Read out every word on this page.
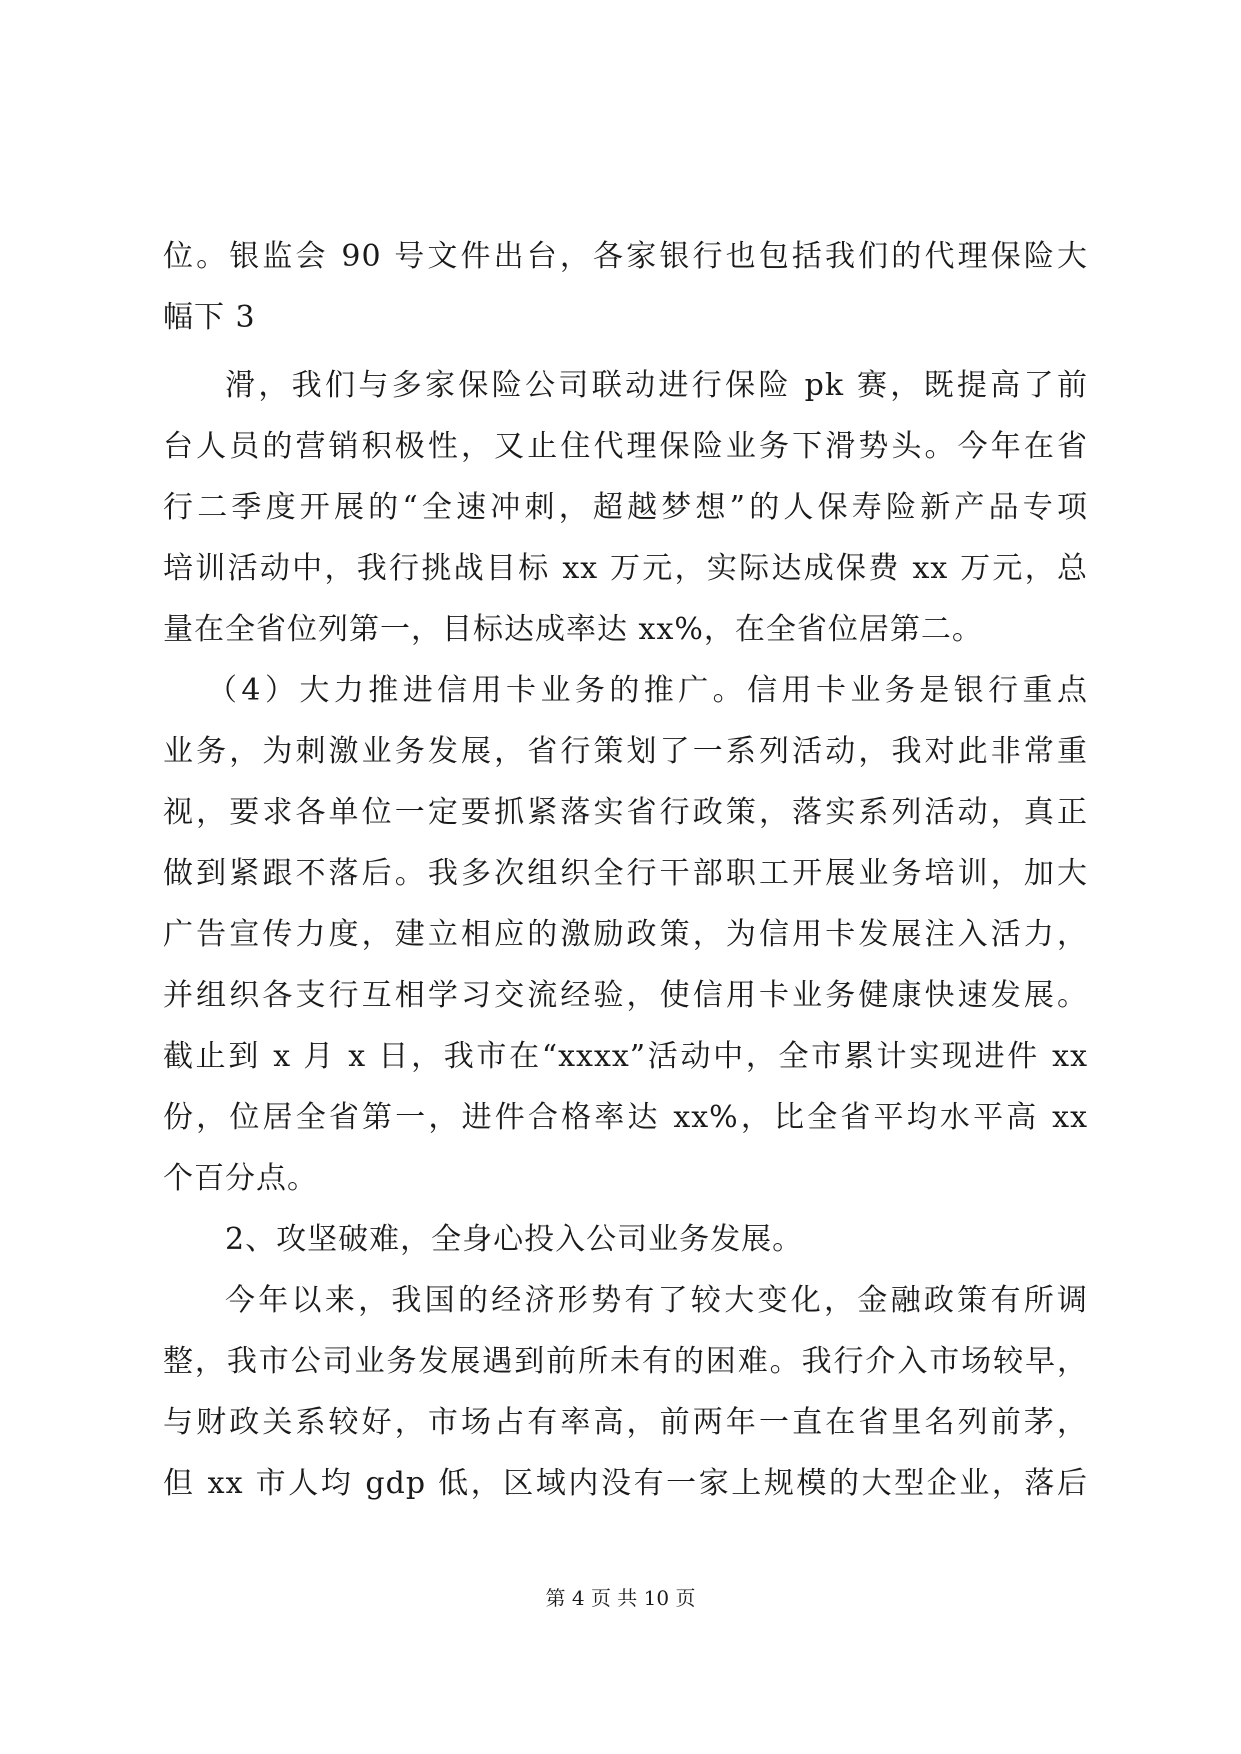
位。银监会 90 号文件出台，各家银行也包括我们的代理保险大
幅下 3
滑，我们与多家保险公司联动进行保险 pk 赛，既提高了前
台人员的营销积极性，又止住代理保险业务下滑势头。今年在省
行二季度开展的“全速冲刺，超越梦想”的人保寿险新产品专项
培训活动中，我行挑战目标 xx 万元，实际达成保费 xx 万元，总
量在全省位列第一，目标达成率达 xx%，在全省位居第二。
（4）大力推进信用卡业务的推广。信用卡业务是银行重点
业务，为刺激业务发展，省行策划了一系列活动，我对此非常重
视，要求各单位一定要抓紧落实省行政策，落实系列活动，真正
做到紧跟不落后。我多次组织全行干部职工开展业务培训，加大
广告宣传力度，建立相应的激励政策，为信用卡发展注入活力，
并组织各支行互相学习交流经验，使信用卡业务健康快速发展。
截止到 x 月 x 日，我市在“xxxx”活动中，全市累计实现进件 xx
份，位居全省第一，进件合格率达 xx%，比全省平均水平高 xx
个百分点。
2、攻坚破难，全身心投入公司业务发展。
今年以来，我国的经济形势有了较大变化，金融政策有所调
整，我市公司业务发展遇到前所未有的困难。我行介入市场较早，
与财政关系较好，市场占有率高，前两年一直在省里名列前茅，
但 xx 市人均 gdp 低，区域内没有一家上规模的大型企业，落后
第 4 页 共 10 页
